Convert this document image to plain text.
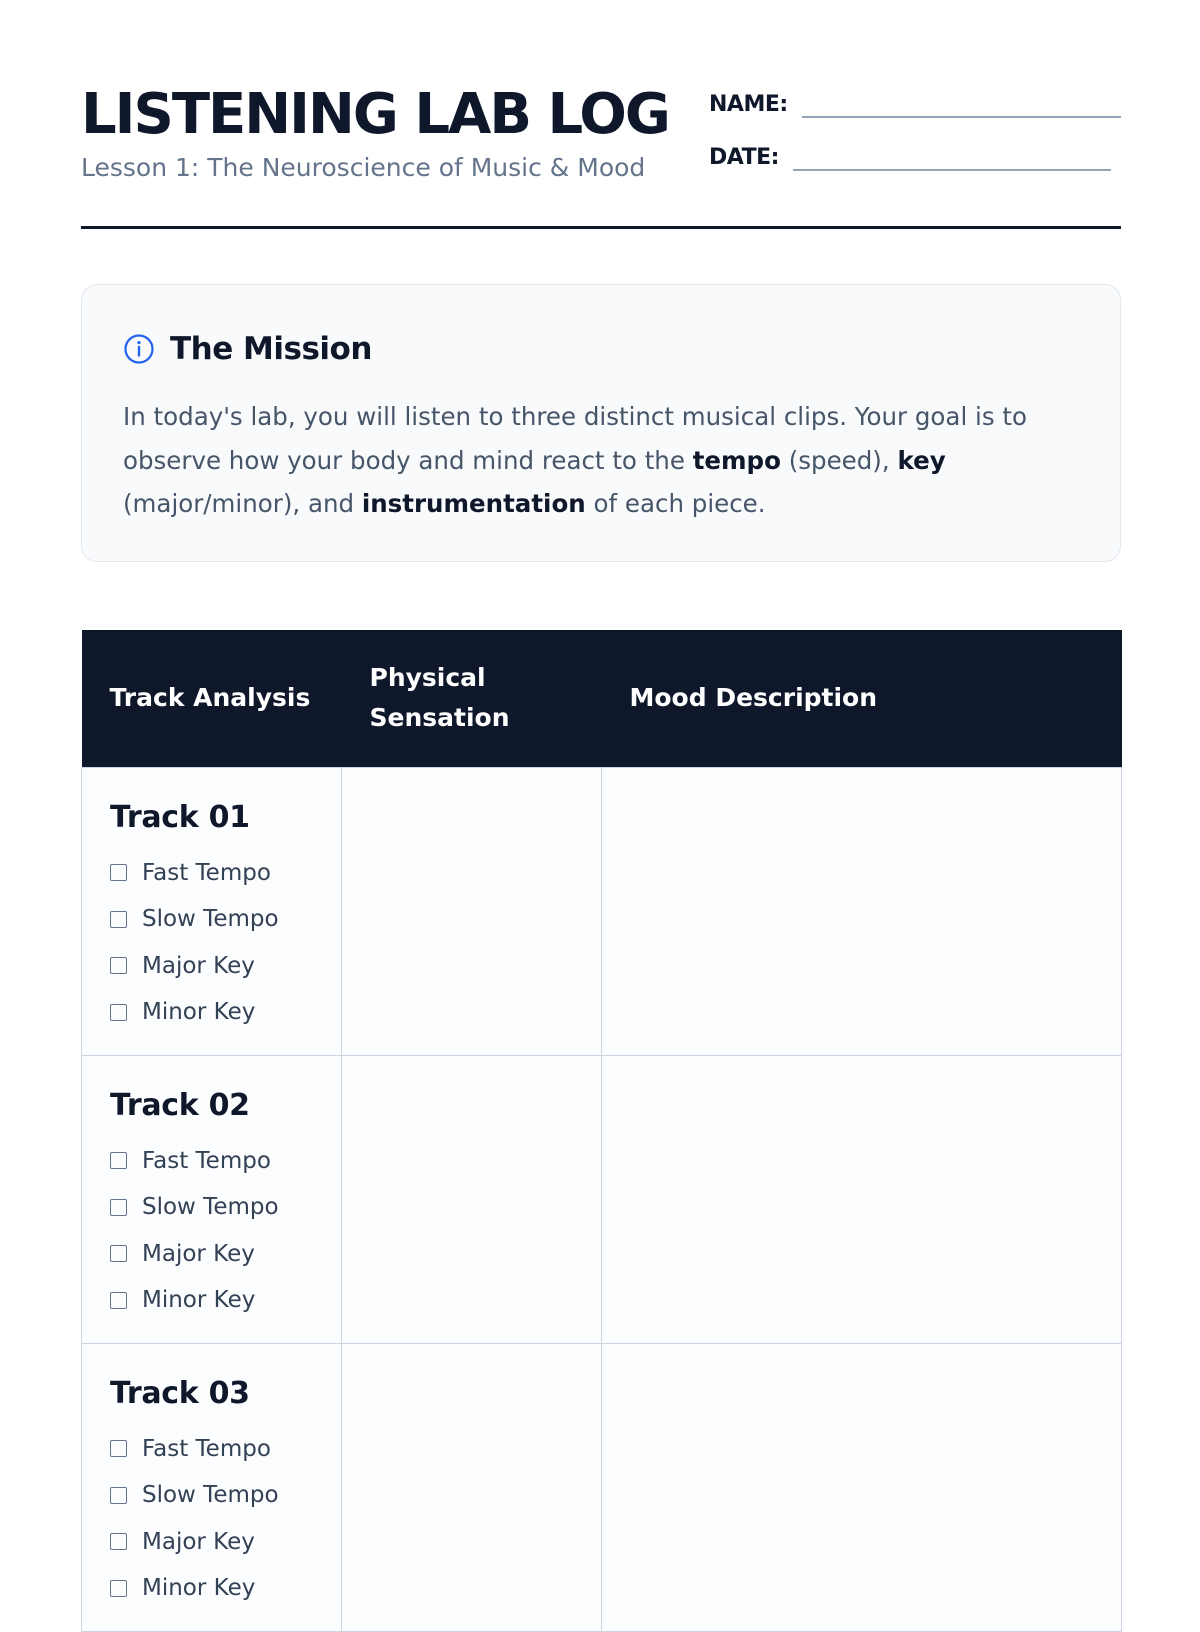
LISTENING LAB LOG
Lesson 1: The Neuroscience of Music & Mood
NAME:
DATE:
The Mission

In today's lab, you will listen to three distinct musical clips. Your goal is to observe how your body and mind react to the tempo (speed), key (major/minor), and instrumentation of each piece.

Track Analysis	Physical Sensation	Mood Description

Track 01
Fast Tempo
Slow Tempo
Major Key
Minor Key		

Track 02
Fast Tempo
Slow Tempo
Major Key
Minor Key		

Track 03
Fast Tempo
Slow Tempo
Major Key
Minor Key		
